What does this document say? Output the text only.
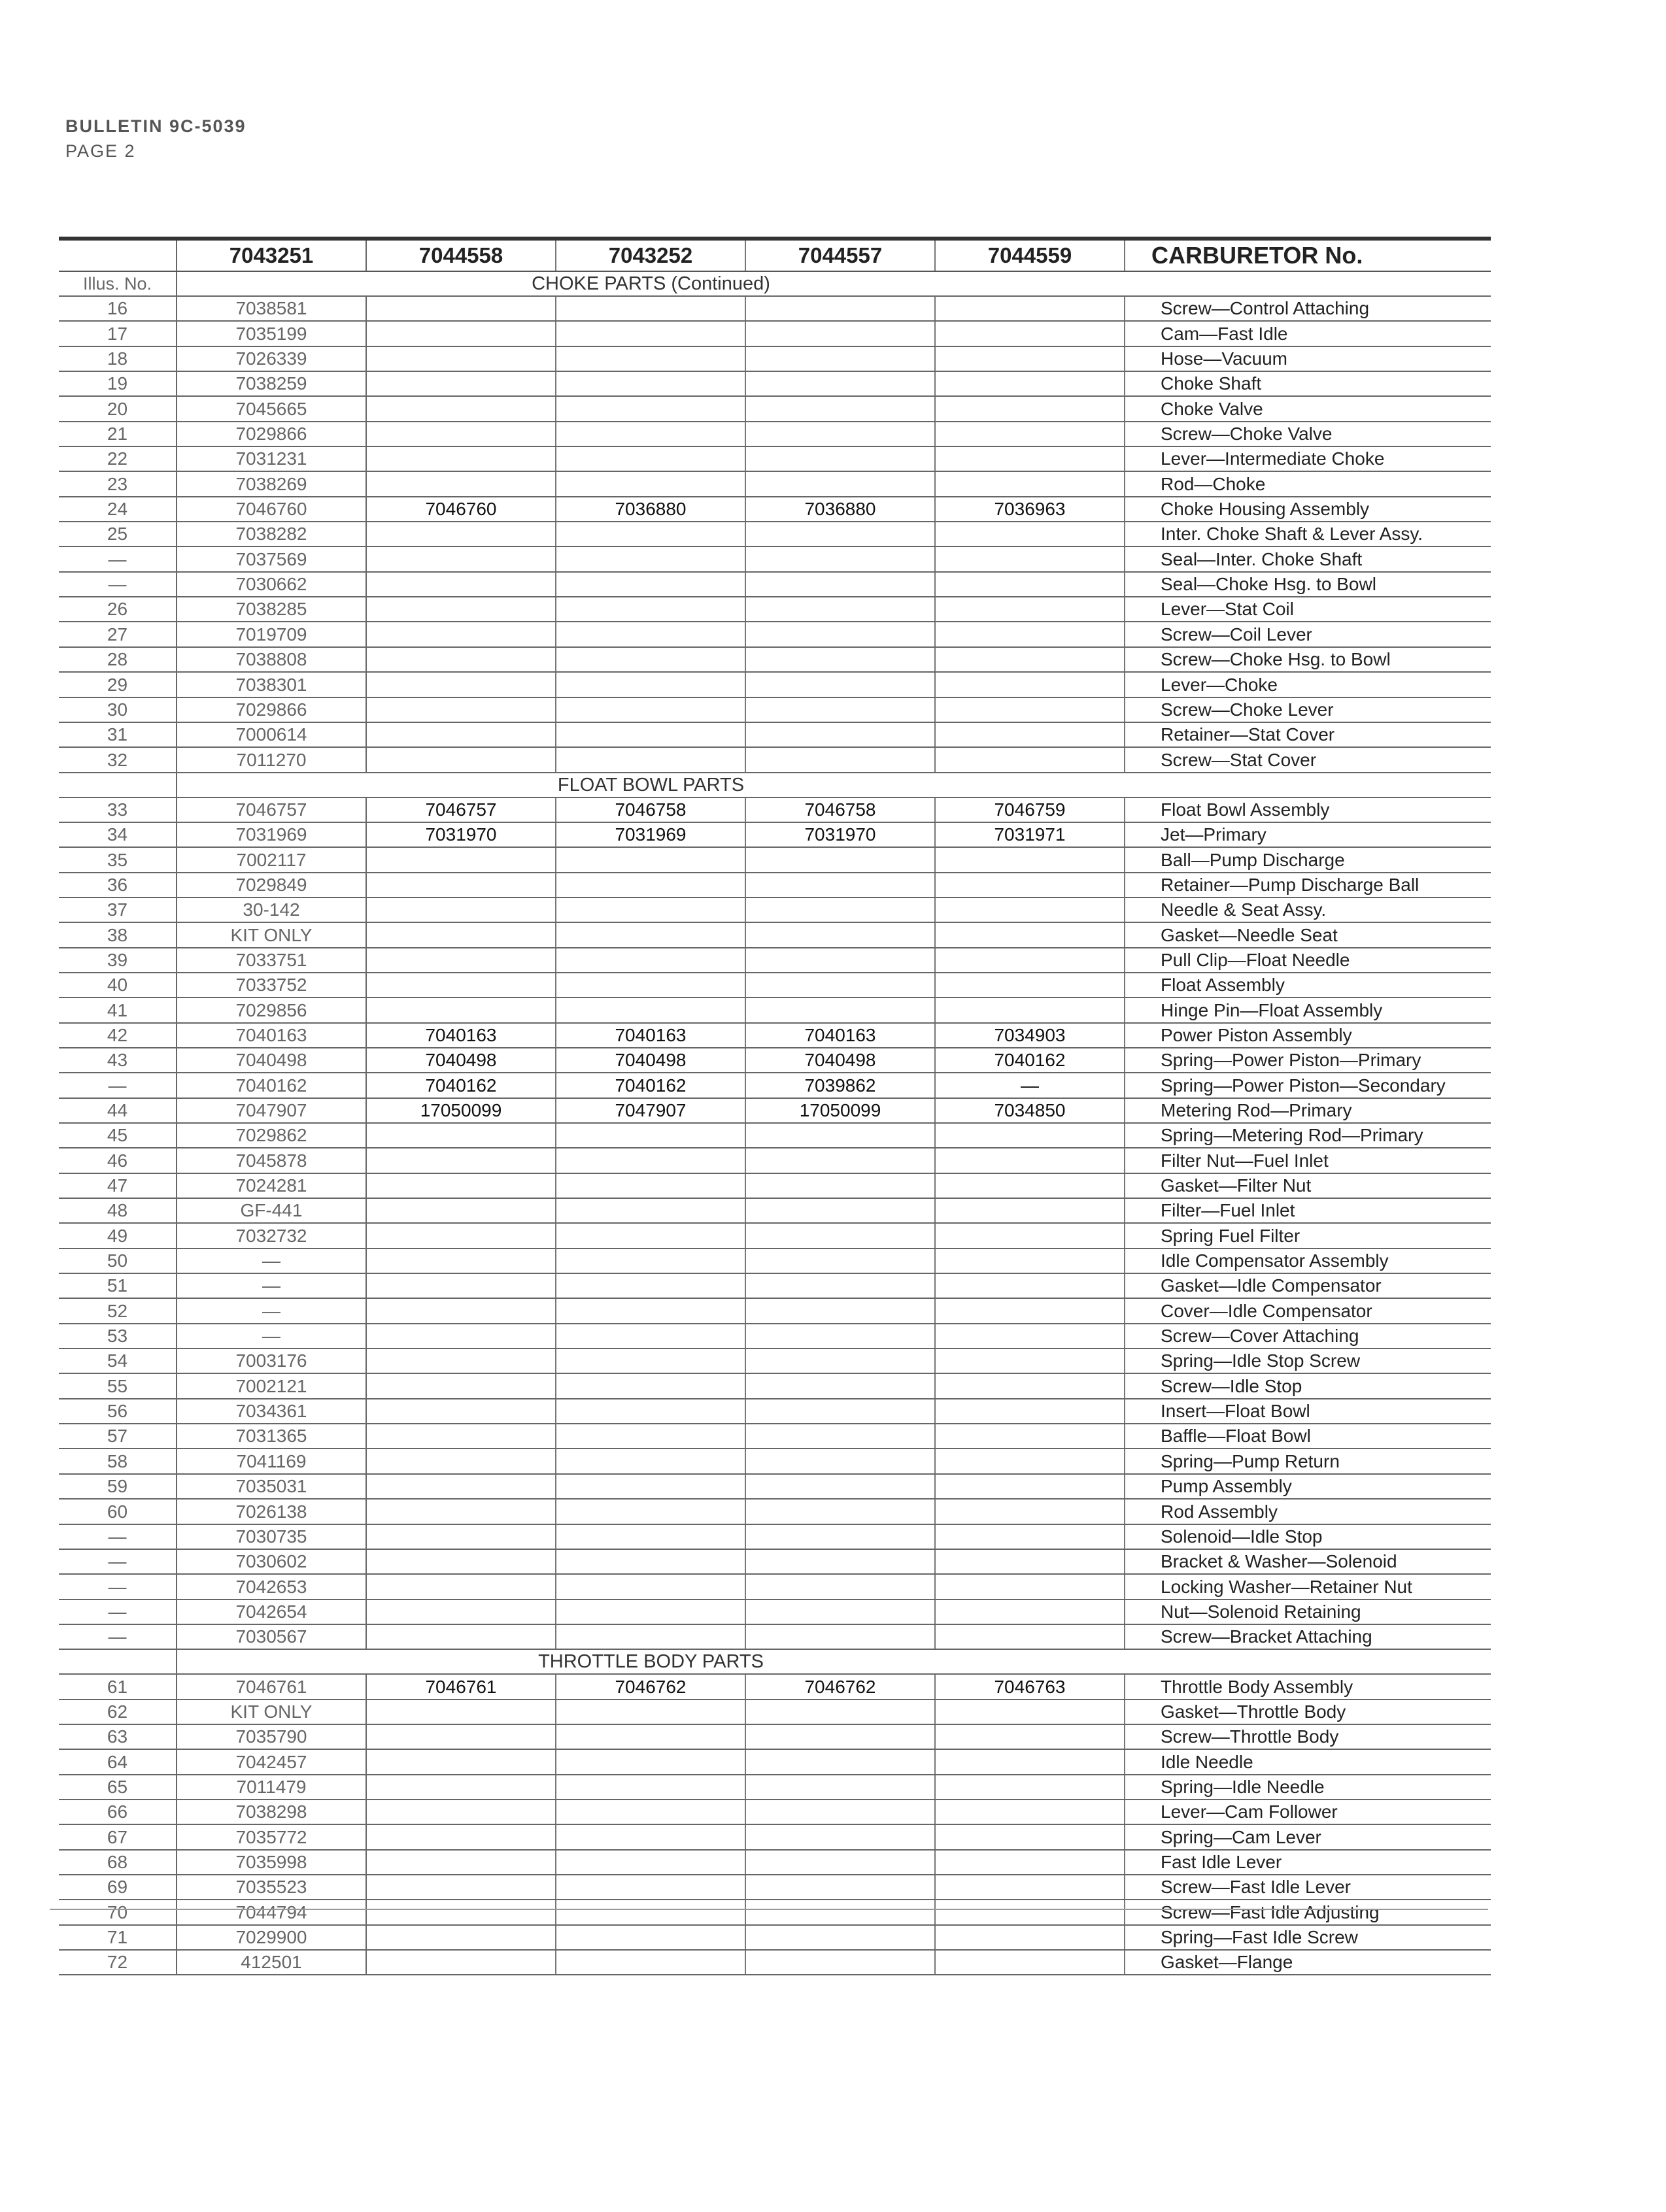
BULLETIN 9C-5039
PAGE 2
	7043251	7044558	7043252	7044557	7044559	CARBURETOR No.
Illus. No.	CHOKE PARTS (Continued)					
16	7038581					Screw—Control Attaching
17	7035199					Cam—Fast Idle
18	7026339					Hose—Vacuum
19	7038259					Choke Shaft
20	7045665					Choke Valve
21	7029866					Screw—Choke Valve
22	7031231					Lever—Intermediate Choke
23	7038269					Rod—Choke
24	7046760	7046760	7036880	7036880	7036963	Choke Housing Assembly
25	7038282					Inter. Choke Shaft & Lever Assy.
—	7037569					Seal—Inter. Choke Shaft
—	7030662					Seal—Choke Hsg. to Bowl
26	7038285					Lever—Stat Coil
27	7019709					Screw—Coil Lever
28	7038808					Screw—Choke Hsg. to Bowl
29	7038301					Lever—Choke
30	7029866					Screw—Choke Lever
31	7000614					Retainer—Stat Cover
32	7011270					Screw—Stat Cover
	FLOAT BOWL PARTS					
33	7046757	7046757	7046758	7046758	7046759	Float Bowl Assembly
34	7031969	7031970	7031969	7031970	7031971	Jet—Primary
35	7002117					Ball—Pump Discharge
36	7029849					Retainer—Pump Discharge Ball
37	30-142					Needle & Seat Assy.
38	KIT ONLY					Gasket—Needle Seat
39	7033751					Pull Clip—Float Needle
40	7033752					Float Assembly
41	7029856					Hinge Pin—Float Assembly
42	7040163	7040163	7040163	7040163	7034903	Power Piston Assembly
43	7040498	7040498	7040498	7040498	7040162	Spring—Power Piston—Primary
—	7040162	7040162	7040162	7039862	—	Spring—Power Piston—Secondary
44	7047907	17050099	7047907	17050099	7034850	Metering Rod—Primary
45	7029862					Spring—Metering Rod—Primary
46	7045878					Filter Nut—Fuel Inlet
47	7024281					Gasket—Filter Nut
48	GF-441					Filter—Fuel Inlet
49	7032732					Spring Fuel Filter
50	—					Idle Compensator Assembly
51	—					Gasket—Idle Compensator
52	—					Cover—Idle Compensator
53	—					Screw—Cover Attaching
54	7003176					Spring—Idle Stop Screw
55	7002121					Screw—Idle Stop
56	7034361					Insert—Float Bowl
57	7031365					Baffle—Float Bowl
58	7041169					Spring—Pump Return
59	7035031					Pump Assembly
60	7026138					Rod Assembly
—	7030735					Solenoid—Idle Stop
—	7030602					Bracket & Washer—Solenoid
—	7042653					Locking Washer—Retainer Nut
—	7042654					Nut—Solenoid Retaining
—	7030567					Screw—Bracket Attaching
	THROTTLE BODY PARTS					
61	7046761	7046761	7046762	7046762	7046763	Throttle Body Assembly
62	KIT ONLY					Gasket—Throttle Body
63	7035790					Screw—Throttle Body
64	7042457					Idle Needle
65	7011479					Spring—Idle Needle
66	7038298					Lever—Cam Follower
67	7035772					Spring—Cam Lever
68	7035998					Fast Idle Lever
69	7035523					Screw—Fast Idle Lever
70	7044794					Screw—Fast Idle Adjusting
71	7029900					Spring—Fast Idle Screw
72	412501					Gasket—Flange
